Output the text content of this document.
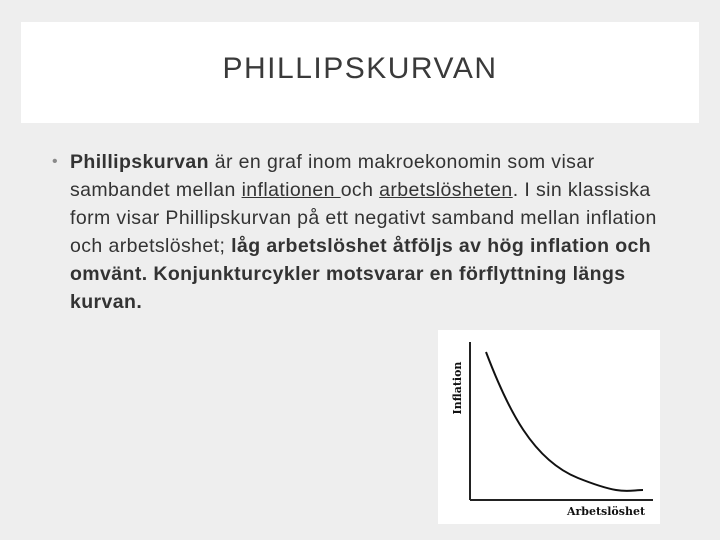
PHILLIPSKURVAN
• Phillipskurvan är en graf inom makroekonomin som visar sambandet mellan inflationen och arbetslösheten. I sin klassiska form visar Phillipskurvan på ett negativt samband mellan inflation och arbetslöshet; låg arbetslöshet åtföljs av hög inflation och omvänt. Konjunkturcykler motsvarar en förflyttning längs kurvan.
Inflation
Arbetslöshet
